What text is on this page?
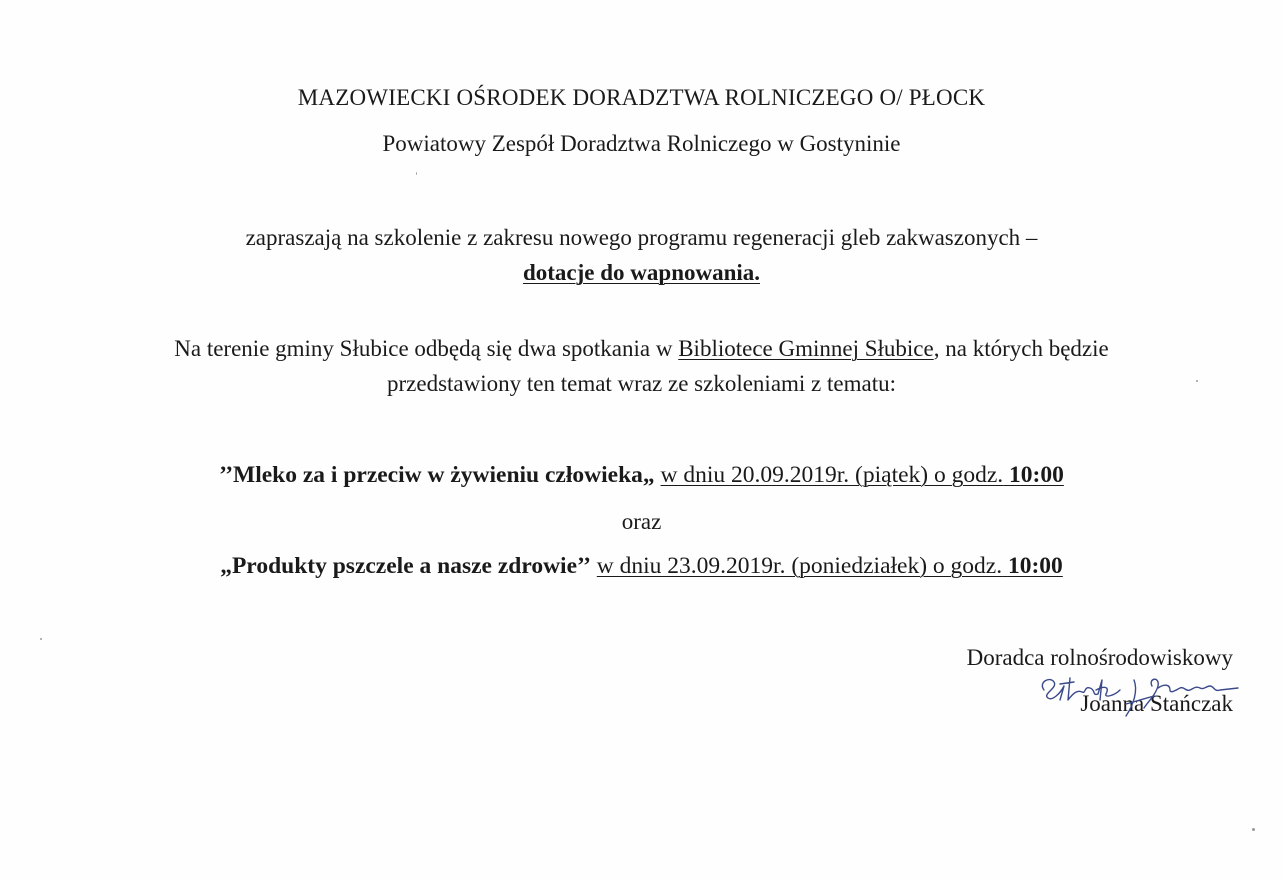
MAZOWIECKI OŚRODEK DORADZTWA ROLNICZEGO O/ PŁOCK
Powiatowy Zespół Doradztwa Rolniczego w Gostyninie
zapraszają na szkolenie z zakresu nowego programu regeneracji gleb zakwaszonych –
dotacje do wapnowania.
Na terenie gminy Słubice odbędą się dwa spotkania w Bibliotece Gminnej Słubice, na których będzie
przedstawiony ten temat wraz ze szkoleniami z tematu:
’’Mleko za i przeciw w żywieniu człowieka„ w dniu 20.09.2019r. (piątek) o godz. 10:00
oraz
„Produkty pszczele a nasze zdrowie’’ w dniu 23.09.2019r. (poniedziałek) o godz. 10:00
Doradca rolnośrodowiskowy
Joanna Stańczak
